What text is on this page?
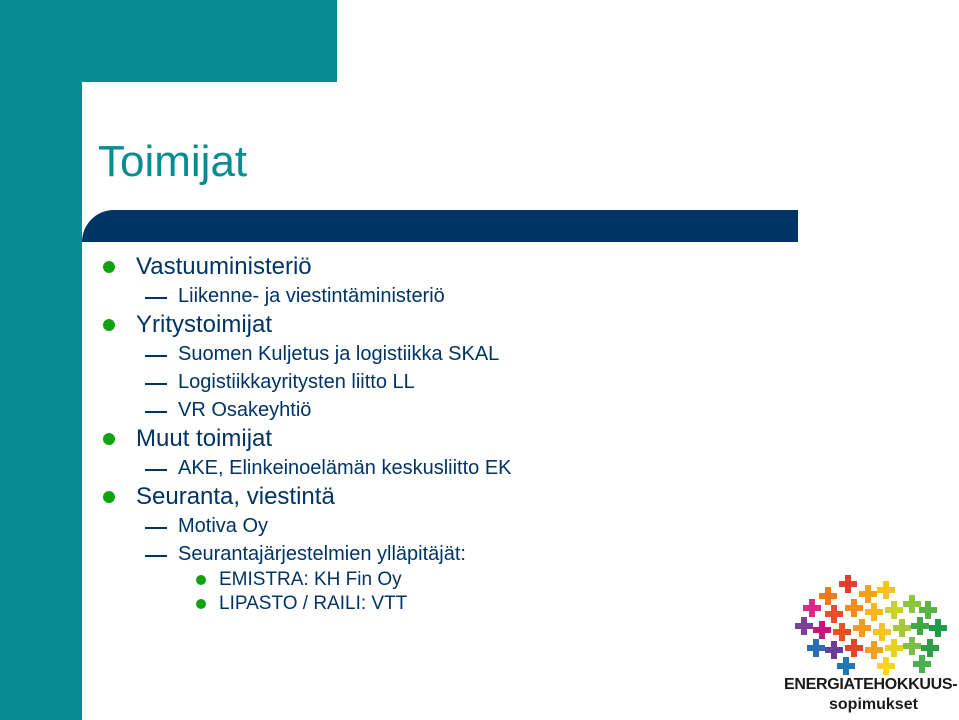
Toimijat
Vastuuministeriö
Liikenne- ja viestintäministeriö
Yritystoimijat
Suomen Kuljetus ja logistiikka SKAL
Logistiikkayritysten liitto LL
VR Osakeyhtiö
Muut toimijat
AKE, Elinkeinoelämän keskusliitto EK
Seuranta, viestintä
Motiva Oy
Seurantajärjestelmien ylläpitäjät:
EMISTRA: KH Fin Oy
LIPASTO / RAILI: VTT
ENERGIATEHOKKUUS-
sopimukset
